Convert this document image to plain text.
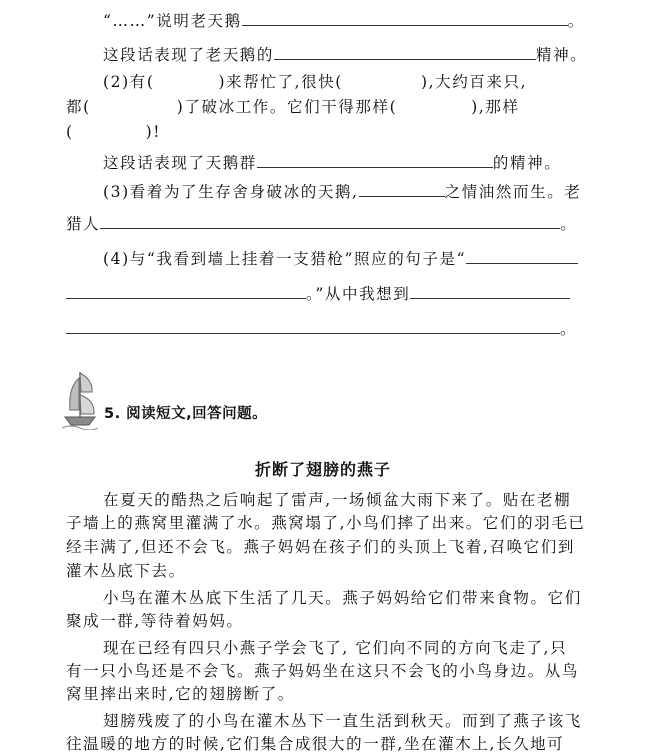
“……”说明老天鹅	。
这段话表现了老天鹅的	精神。
(2)有(	)来帮忙了,很快(	),大约百来只,
都(	)了破冰工作。它们干得那样(	),那样
(	)!
这段话表现了天鹅群	的精神。
(3)看着为了生存舍身破冰的天鹅,	之情油然而生。老
猎人	。
(4)与“我看到墙上挂着一支猎枪”照应的句子是“
。”从中我想到
。
5. 阅读短文,回答问题。
折断了翅膀的燕子
在夏天的酷热之后响起了雷声,一场倾盆大雨下来了。贴在老棚
子墙上的燕窝里灌满了水。燕窝塌了,小鸟们摔了出来。它们的羽毛已
经丰满了,但还不会飞。燕子妈妈在孩子们的头顶上飞着,召唤它们到
灌木丛底下去。
小鸟在灌木丛底下生活了几天。燕子妈妈给它们带来食物。它们
聚成一群,等待着妈妈。
现在已经有四只小燕子学会飞了, 它们向不同的方向飞走了,只
有一只小鸟还是不会飞。燕子妈妈坐在这只不会飞的小鸟身边。从鸟
窝里摔出来时,它的翅膀断了。
翅膀残废了的小鸟在灌木丛下一直生活到秋天。而到了燕子该飞
往温暖的地方的时候,它们集合成很大的一群,坐在灌木上,长久地可
